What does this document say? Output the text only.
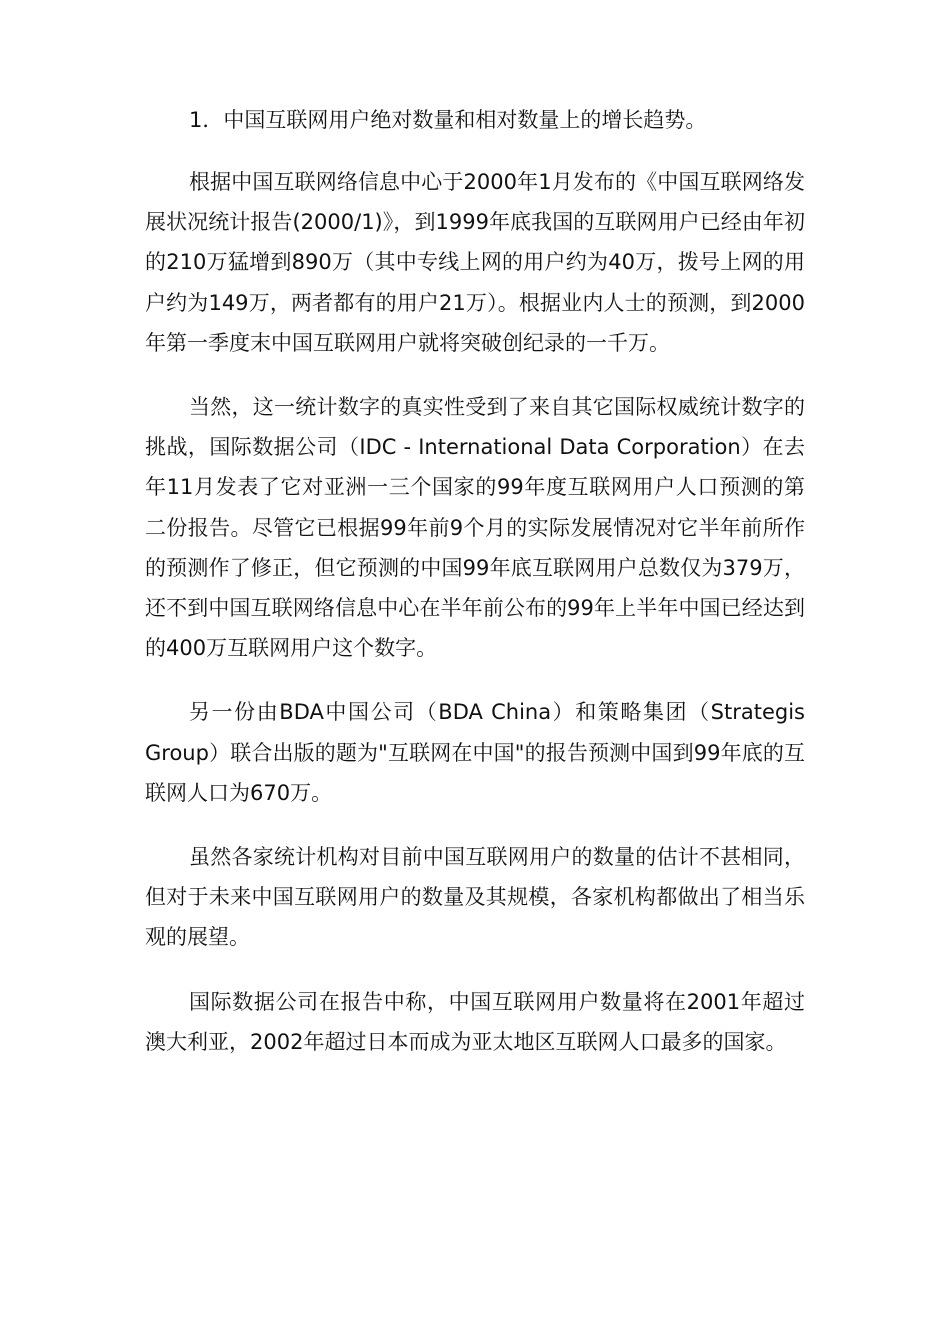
1．中国互联网用户绝对数量和相对数量上的增长趋势。

根据中国互联网络信息中心于2000年1月发布的《中国互联网络发展状况统计报告(2000/1)》，到1999年底我国的互联网用户已经由年初的210万猛增到890万（其中专线上网的用户约为40万，拨号上网的用户约为149万，两者都有的用户21万）。根据业内人士的预测，到2000年第一季度末中国互联网用户就将突破创纪录的一千万。

当然，这一统计数字的真实性受到了来自其它国际权威统计数字的挑战，国际数据公司（IDC - International Data Corporation）在去年11月发表了它对亚洲一三个国家的99年度互联网用户人口预测的第二份报告。尽管它已根据99年前9个月的实际发展情况对它半年前所作的预测作了修正，但它预测的中国99年底互联网用户总数仅为379万，还不到中国互联网络信息中心在半年前公布的99年上半年中国已经达到的400万互联网用户这个数字。

另一份由BDA中国公司（BDA China）和策略集团（Strategis Group）联合出版的题为"互联网在中国"的报告预测中国到99年底的互联网人口为670万。

虽然各家统计机构对目前中国互联网用户的数量的估计不甚相同，但对于未来中国互联网用户的数量及其规模，各家机构都做出了相当乐观的展望。

国际数据公司在报告中称，中国互联网用户数量将在2001年超过澳大利亚，2002年超过日本而成为亚太地区互联网人口最多的国家。
